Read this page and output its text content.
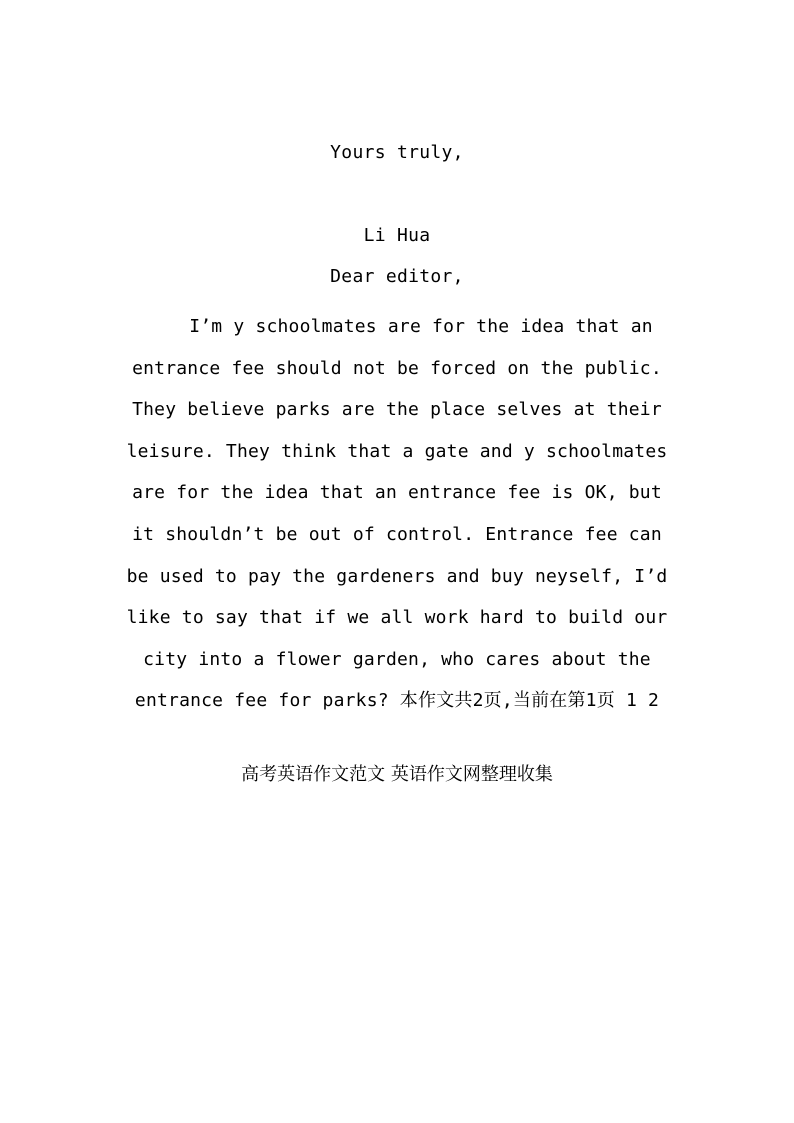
Yours truly,
Li Hua
Dear editor,

I’m y schoolmates are for the idea that an entrance fee should not be forced on the public. They believe parks are the place selves at their leisure. They think that a gate and y schoolmates are for the idea that an entrance fee is OK, but it shouldn’t be out of control. Entrance fee can be used to pay the gardeners and buy neyself, I’d like to say that if we all work hard to build our city into a flower garden, who cares about the entrance fee for parks? 本作文共2页,当前在第1页 1 2

高考英语作文范文 英语作文网整理收集
